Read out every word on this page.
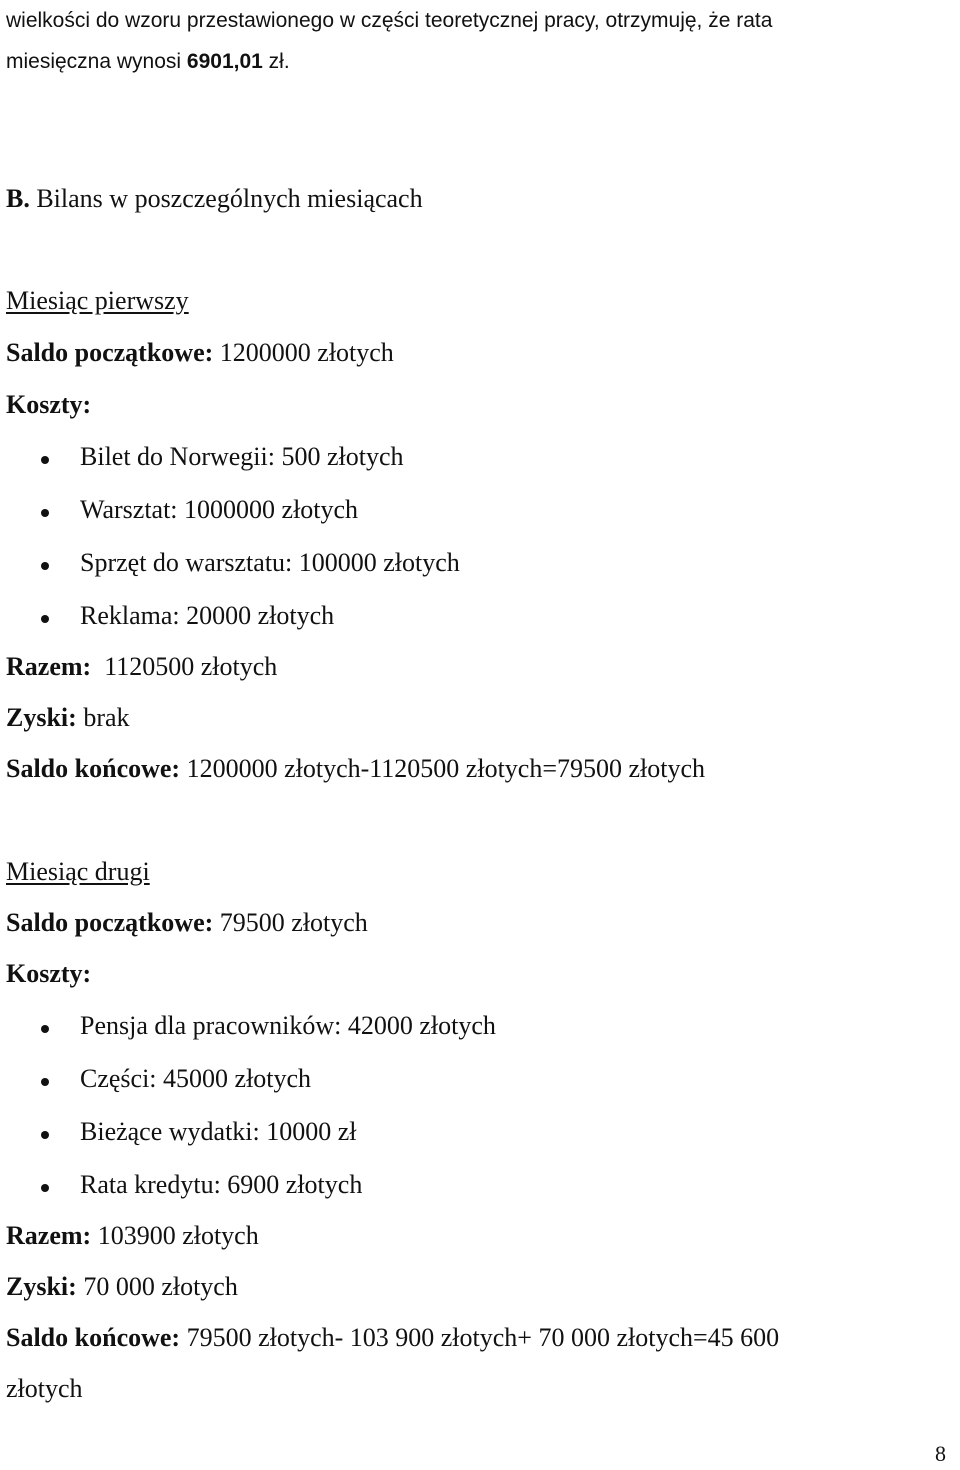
wielkości do wzoru przestawionego w części teoretycznej pracy, otrzymuję, że rata
miesięczna wynosi 6901,01 zł.
B. Bilans w poszczególnych miesiącach
Miesiąc pierwszy
Saldo początkowe: 1200000 złotych
Koszty:
Bilet do Norwegii: 500 złotych
Warsztat: 1000000 złotych
Sprzęt do warsztatu: 100000 złotych
Reklama: 20000 złotych
Razem:  1120500 złotych
Zyski: brak
Saldo końcowe: 1200000 złotych-1120500 złotych=79500 złotych
Miesiąc drugi
Saldo początkowe: 79500 złotych
Koszty:
Pensja dla pracowników: 42000 złotych
Części: 45000 złotych
Bieżące wydatki: 10000 zł
Rata kredytu: 6900 złotych
Razem: 103900 złotych
Zyski: 70 000 złotych
Saldo końcowe: 79500 złotych- 103 900 złotych+ 70 000 złotych=45 600
złotych
8
